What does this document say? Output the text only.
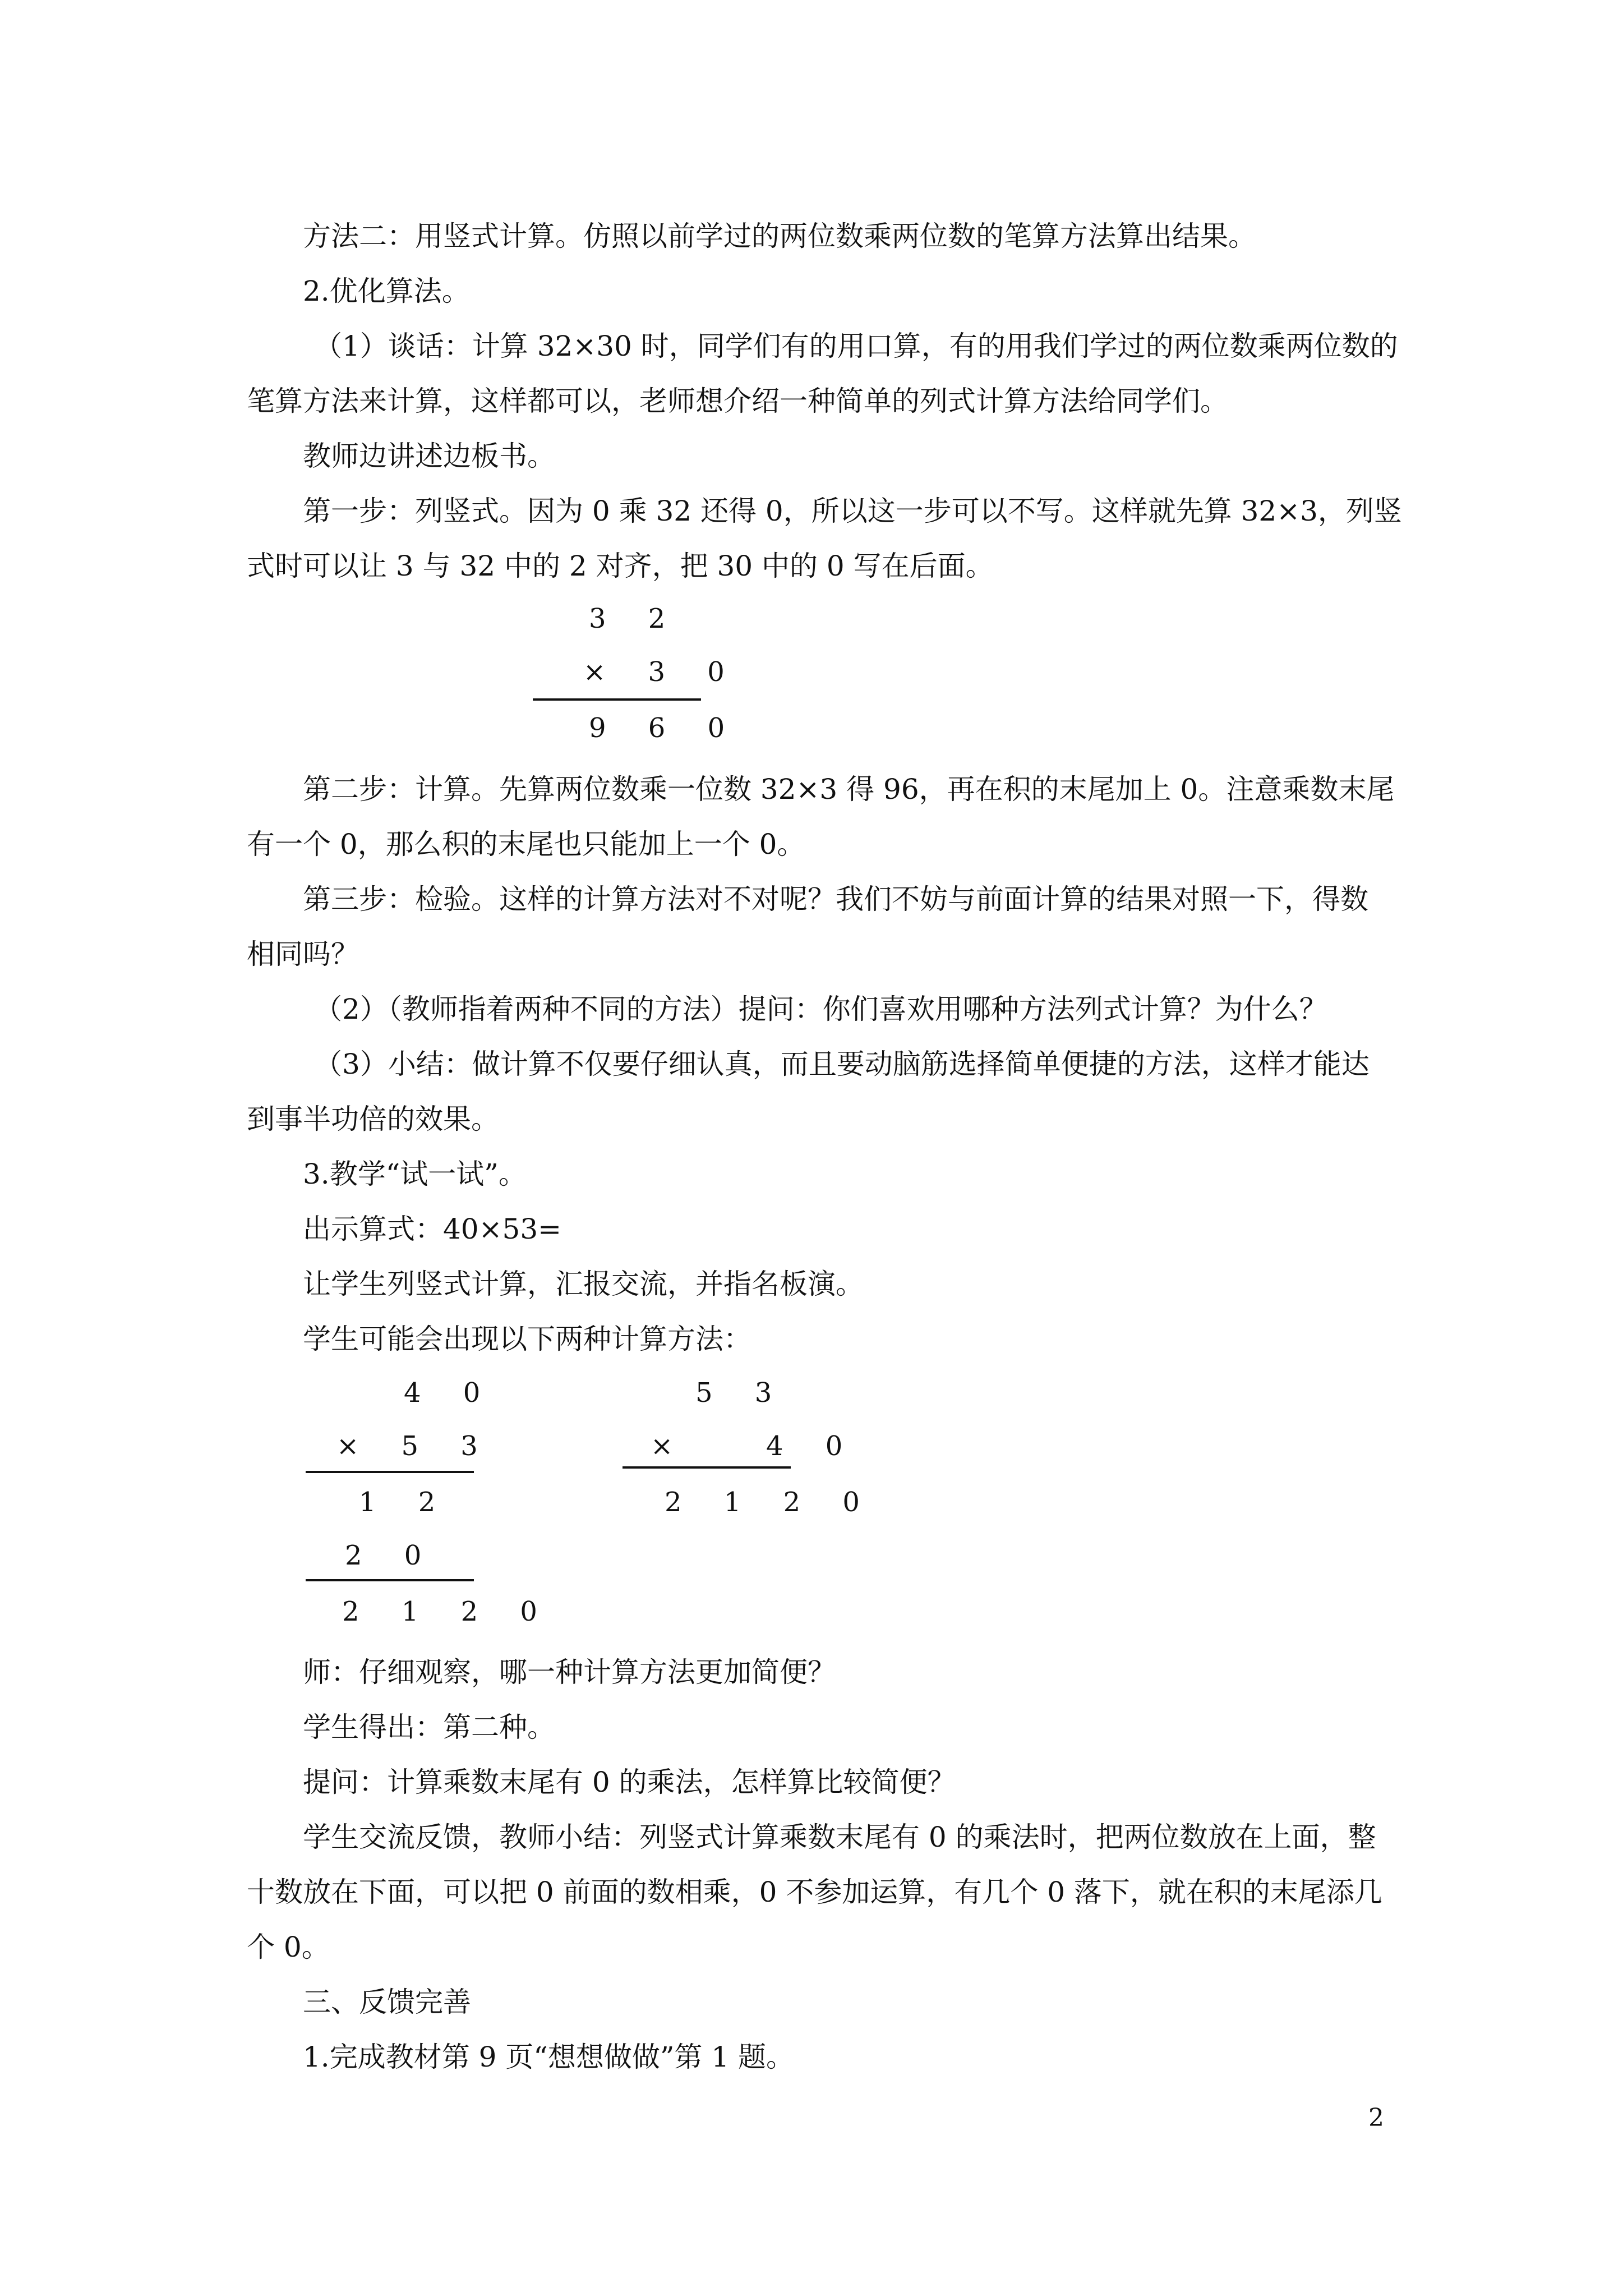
方法二：用竖式计算。仿照以前学过的两位数乘两位数的笔算方法算出结果。

2.优化算法。

（1）谈话：计算 32×30 时，同学们有的用口算，有的用我们学过的两位数乘两位数的

笔算方法来计算，这样都可以，老师想介绍一种简单的列式计算方法给同学们。

教师边讲述边板书。

第一步：列竖式。因为 0 乘 32 还得 0，所以这一步可以不写。这样就先算 32×3，列竖

式时可以让 3 与 32 中的 2 对齐，把 30 中的 0 写在后面。

3 2
× 3 0
9 6 0

第二步：计算。先算两位数乘一位数 32×3 得 96，再在积的末尾加上 0。注意乘数末尾

有一个 0，那么积的末尾也只能加上一个 0。

第三步：检验。这样的计算方法对不对呢？我们不妨与前面计算的结果对照一下，得数

相同吗？

（2）（教师指着两种不同的方法）提问：你们喜欢用哪种方法列式计算？为什么？

（3）小结：做计算不仅要仔细认真，而且要动脑筋选择简单便捷的方法，这样才能达

到事半功倍的效果。

3.教学“试一试”。

出示算式：40×53=

让学生列竖式计算，汇报交流，并指名板演。

学生可能会出现以下两种计算方法：

4 0
× 5 3
1 2
2 0
2 1 2 0
5 3
×   4 0
2 1 2 0

师：仔细观察，哪一种计算方法更加简便？

学生得出：第二种。

提问：计算乘数末尾有 0 的乘法，怎样算比较简便？

学生交流反馈，教师小结：列竖式计算乘数末尾有 0 的乘法时，把两位数放在上面，整

十数放在下面，可以把 0 前面的数相乘，0 不参加运算，有几个 0 落下，就在积的末尾添几

个 0。

三、反馈完善

1.完成教材第 9 页“想想做做”第 1 题。

2
